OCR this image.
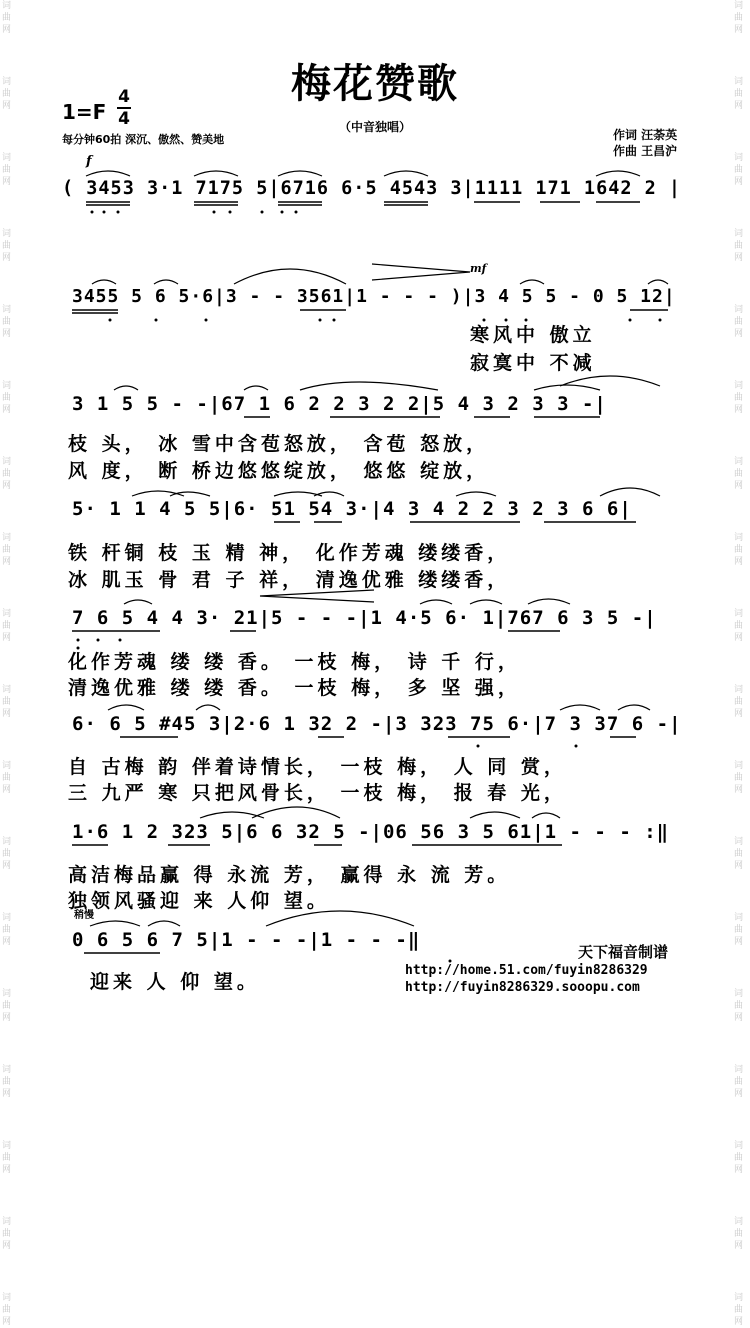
词曲网
词曲网
词曲网
词曲网
词曲网
词曲网
词曲网
词曲网
词曲网
词曲网
词曲网
词曲网
词曲网
词曲网
词曲网
词曲网
词曲网
词曲网
词曲网
词曲网
词曲网
词曲网
词曲网
词曲网
词曲网
词曲网
词曲网
词曲网
词曲网
词曲网
词曲网
词曲网
词曲网
词曲网
词曲网
词曲网
梅花赞歌
（中音独唱）
1=F
4
4
每分钟60拍 深沉、傲然、赞美地	作词 汪荼英
作曲 王昌沪
f
mf
( 3453 3·1 7175 5|6716 6·5 4543 3|1111 171 1642 2 |
3455 5 6 5·6|3 - - 3561|1 - - - )|3 4 5 5 - 0 5 12|
寒风中 傲立
寂寞中 不减
3 1 5 5 - -|67 1 6 2 2 3 2 2|5 4 3 2 3 3 -|
枝 头， 冰 雪中含苞怒放， 含苞 怒放，
风 度， 断 桥边悠悠绽放， 悠悠 绽放，
5· 1 1 4 5 5|6· 51 54 3·|4 3 4 2 2 3 2 3 6 6|
铁 杆铜 枝 玉 精 神， 化作芳魂 缕缕香，
冰 肌玉 骨 君 子 祥， 清逸优雅 缕缕香，
7 6 5 4 4 3· 21|5 - - -|1 4·5 6· 1|767 6 3 5 -|
化作芳魂 缕 缕 香。 一枝 梅， 诗 千 行，
清逸优雅 缕 缕 香。 一枝 梅， 多 坚 强，
6· 6 5 #45 3|2·6 1 32 2 -|3 323 75 6·|7 3 37 6 -|
自 古梅 韵 伴着诗情长， 一枝 梅， 人 同 赏，
三 九严 寒 只把风骨长， 一枝 梅， 报 春 光，
1·6 1 2 323 5|6 6 32 5 -|06 56 3 5 61|1 - - - :‖
高洁梅品赢 得 永流 芳， 赢得 永 流 芳。
独领风骚迎 来 人仰 望。
稍慢
0 6 5 6 7 5|1 - - -|1 - - -‖
迎来 人 仰 望。
天下福音制谱
http://home.51.com/fuyin8286329
http://fuyin8286329.sooopu.com
